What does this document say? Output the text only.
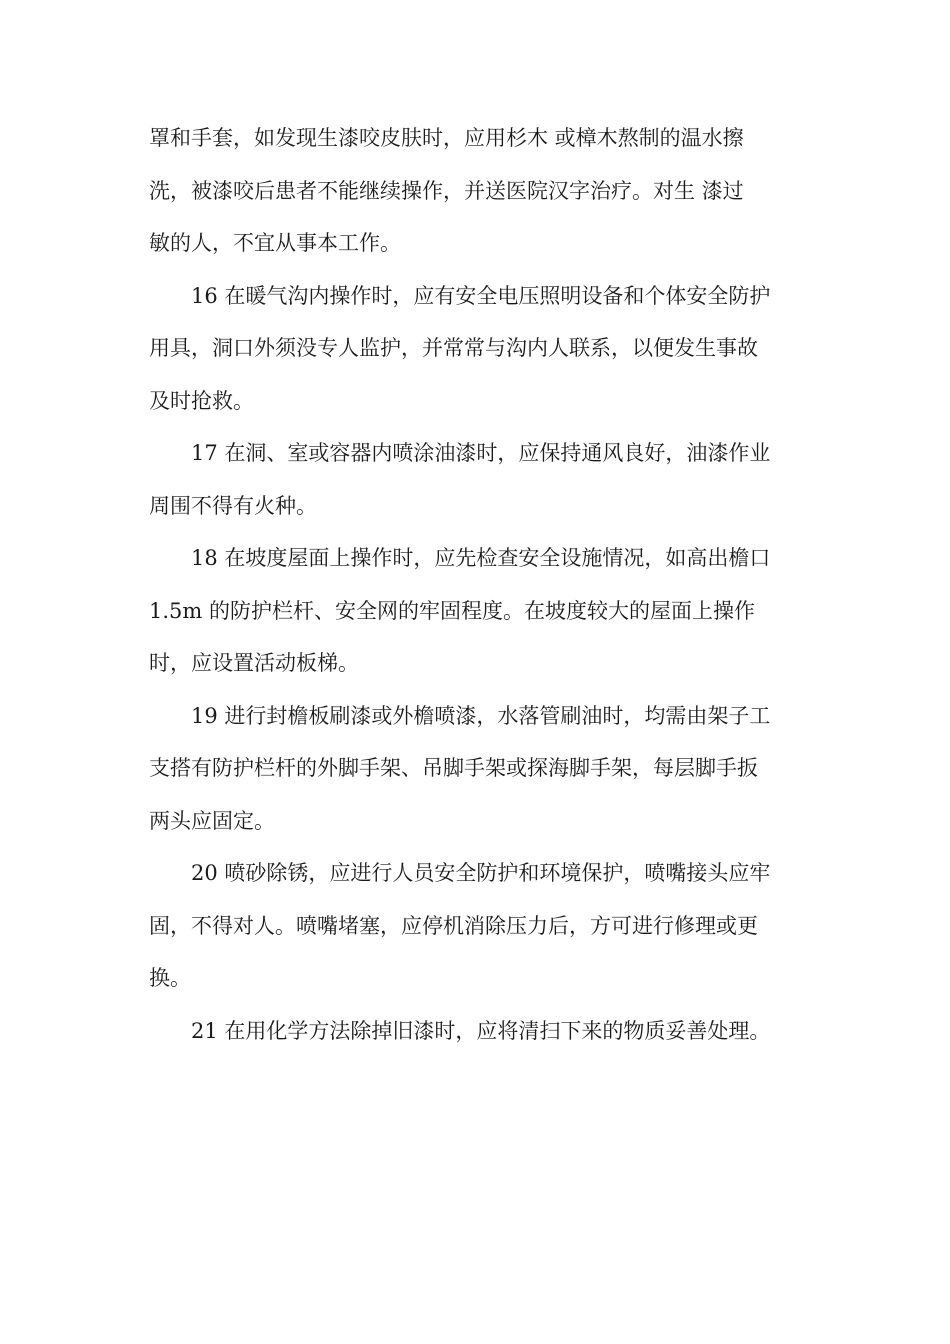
罩和手套，如发现生漆咬皮肤时，应用杉木 或樟木熬制的温水擦
洗，被漆咬后患者不能继续操作，并送医院汉字治疗。对生 漆过
敏的人，不宜从事本工作。
16 在暖气沟内操作时，应有安全电压照明设备和个体安全防护
用具，洞口外须没专人监护，并常常与沟内人联系，以便发生事故
及时抢救。
17 在洞、室或容器内喷涂油漆时，应保持通风良好，油漆作业
周围不得有火种。
18 在坡度屋面上操作时，应先检查安全设施情况，如高出檐口
1.5m 的防护栏杆、安全网的牢固程度。在坡度较大的屋面上操作
时，应设置活动板梯。
19 进行封檐板刷漆或外檐喷漆，水落管刷油时，均需由架子工
支搭有防护栏杆的外脚手架、吊脚手架或探海脚手架，每层脚手扳
两头应固定。
20 喷砂除锈，应进行人员安全防护和环境保护，喷嘴接头应牢
固，不得对人。喷嘴堵塞，应停机消除压力后，方可进行修理或更
换。
21 在用化学方法除掉旧漆时，应将清扫下来的物质妥善处理。
